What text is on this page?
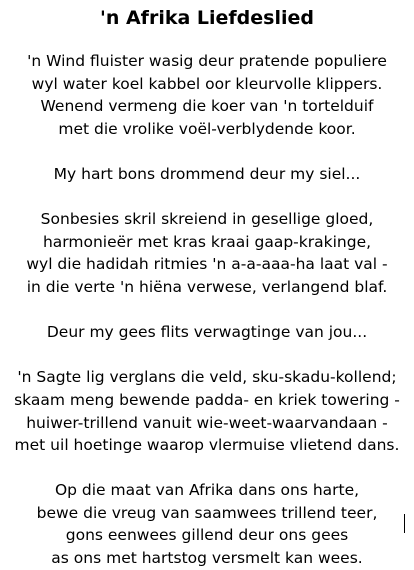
'n Afrika Liefdeslied
'n Wind fluister wasig deur pratende populiere
wyl water koel kabbel oor kleurvolle klippers.
Wenend vermeng die koer van 'n tortelduif
met die vrolike voël-verblydende koor.
My hart bons drommend deur my siel...
Sonbesies skril skreiend in gesellige gloed,
harmonieër met kras kraai gaap-krakinge,
wyl die hadidah ritmies 'n a-a-aaa-ha laat val -
in die verte 'n hiëna verwese, verlangend blaf.
Deur my gees flits verwagtinge van jou...
'n Sagte lig verglans die veld, sku-skadu-kollend;
skaam meng bewende padda- en kriek towering -
huiwer-trillend vanuit wie-weet-waarvandaan -
met uil hoetinge waarop vlermuise vlietend dans.
Op die maat van Afrika dans ons harte,
bewe die vreug van saamwees trillend teer,
gons eenwees gillend deur ons gees
as ons met hartstog versmelt kan wees.
